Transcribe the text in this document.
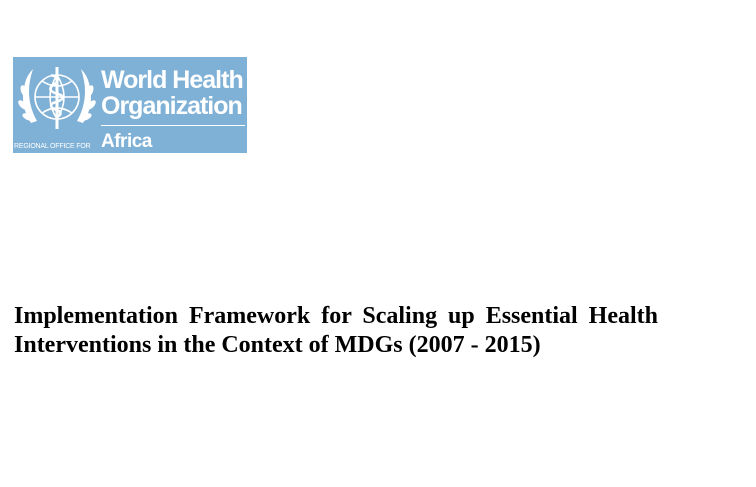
World Health
Organization
REGIONAL OFFICE FOR Africa
Implementation Framework for Scaling up Essential Health Interventions in the Context of MDGs (2007 - 2015)
